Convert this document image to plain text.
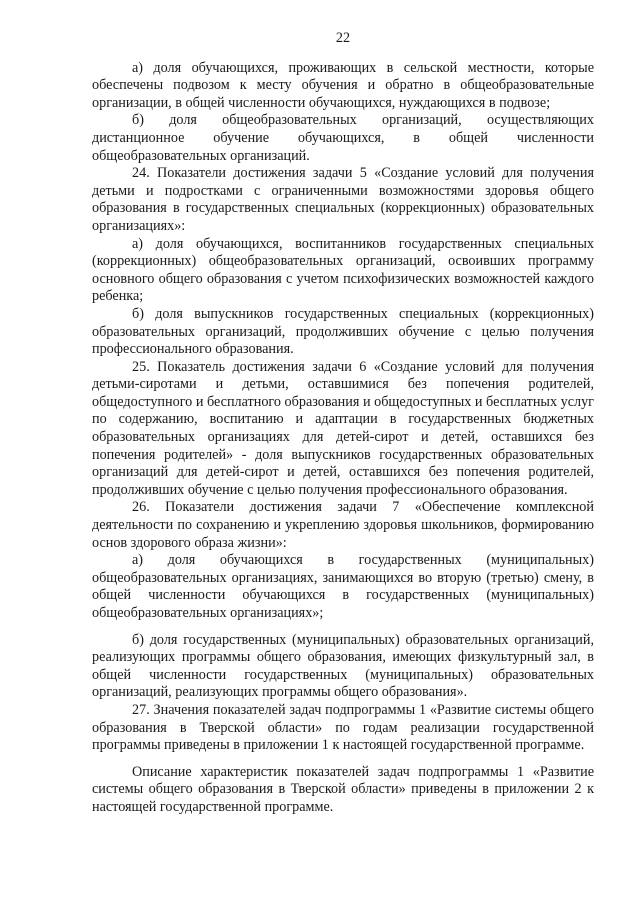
22

а) доля обучающихся, проживающих в сельской местности, которые обеспечены подвозом к месту обучения и обратно в общеобразовательные организации, в общей численности обучающихся, нуждающихся в подвозе;

б) доля общеобразовательных организаций, осуществляющих дистанционное обучение обучающихся, в общей численности общеобразовательных организаций.

24. Показатели достижения задачи 5 «Создание условий для получения детьми и подростками с ограниченными возможностями здоровья общего образования в государственных специальных (коррекционных) образовательных организациях»:

а) доля обучающихся, воспитанников государственных специальных (коррекционных) общеобразовательных организаций, освоивших программу основного общего образования с учетом психофизических возможностей каждого ребенка;

б) доля выпускников государственных специальных (коррекционных) образовательных организаций, продолживших обучение с целью получения профессионального образования.

25. Показатель достижения задачи 6 «Создание условий для получения детьми-сиротами и детьми, оставшимися без попечения родителей, общедоступного и бесплатного образования и общедоступных и бесплатных услуг по содержанию, воспитанию и адаптации в государственных бюджетных образовательных организациях для детей-сирот и детей, оставшихся без попечения родителей» - доля выпускников государственных образовательных организаций для детей-сирот и детей, оставшихся без попечения родителей, продолживших обучение с целью получения профессионального образования.

26. Показатели достижения задачи 7 «Обеспечение комплексной деятельности по сохранению и укреплению здоровья школьников, формированию основ здорового образа жизни»:

а) доля обучающихся в государственных (муниципальных) общеобразовательных организациях, занимающихся во вторую (третью) смену, в общей численности обучающихся в государственных (муниципальных) общеобразовательных организациях»;

б) доля государственных (муниципальных) образовательных организаций, реализующих программы общего образования, имеющих физкультурный зал, в общей численности государственных (муниципальных) образовательных организаций, реализующих программы общего образования».

27. Значения показателей задач подпрограммы 1 «Развитие системы общего образования в Тверской области» по годам реализации государственной программы приведены в приложении 1 к настоящей государственной программе.

Описание характеристик показателей задач подпрограммы 1 «Развитие системы общего образования в Тверской области» приведены в приложении 2 к настоящей государственной программе.
